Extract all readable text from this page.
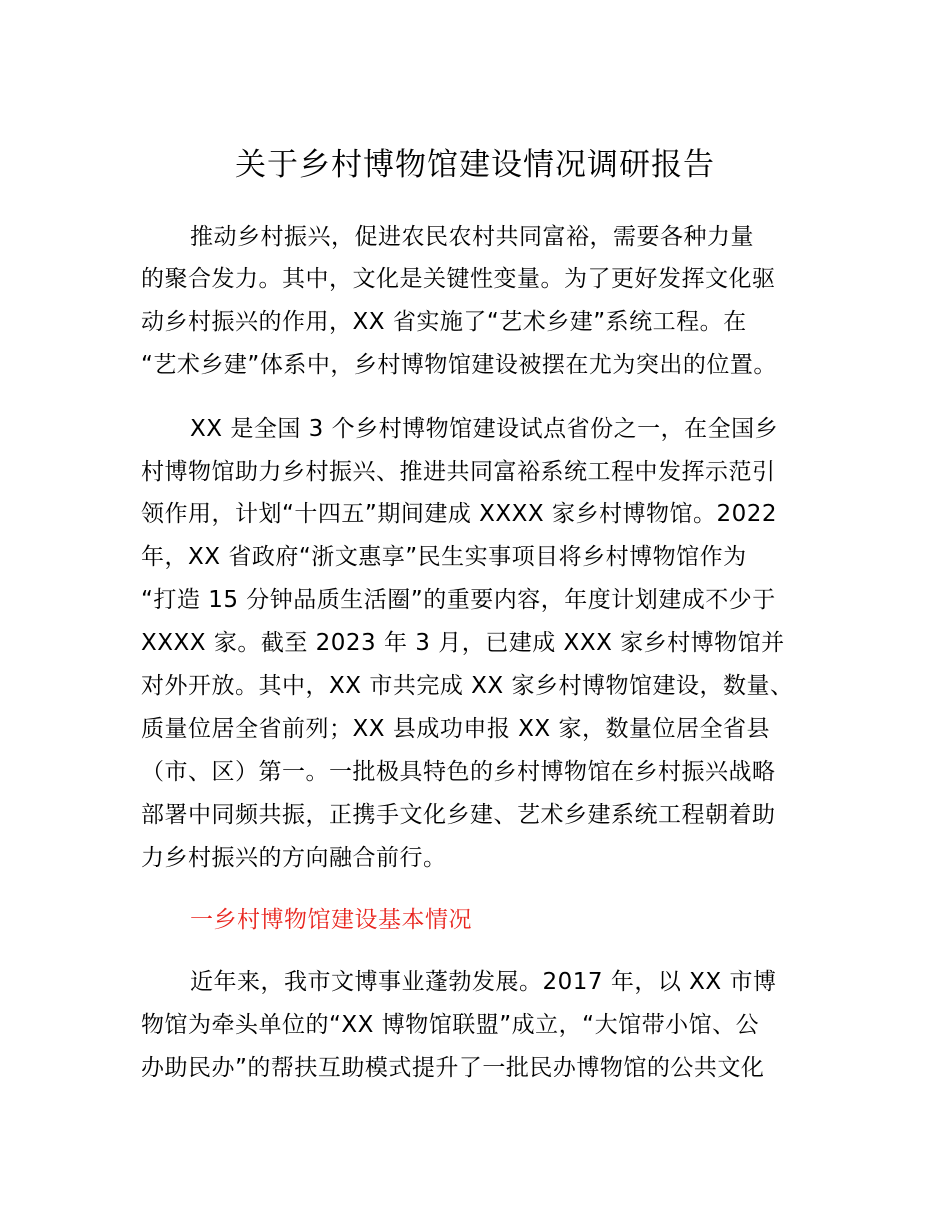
关于乡村博物馆建设情况调研报告
推动乡村振兴，促进农民农村共同富裕，需要各种力量
的聚合发力。其中，文化是关键性变量。为了更好发挥文化驱
动乡村振兴的作用，XX 省实施了“艺术乡建”系统工程。在
“艺术乡建”体系中，乡村博物馆建设被摆在尤为突出的位置。
XX 是全国 3 个乡村博物馆建设试点省份之一，在全国乡
村博物馆助力乡村振兴、推进共同富裕系统工程中发挥示范引
领作用，计划“十四五”期间建成 XXXX 家乡村博物馆。2022
年，XX 省政府“浙文惠享”民生实事项目将乡村博物馆作为
“打造 15 分钟品质生活圈”的重要内容，年度计划建成不少于
XXXX 家。截至 2023 年 3 月，已建成 XXX 家乡村博物馆并
对外开放。其中，XX 市共完成 XX 家乡村博物馆建设，数量、
质量位居全省前列；XX 县成功申报 XX 家，数量位居全省县
（市、区）第一。一批极具特色的乡村博物馆在乡村振兴战略
部署中同频共振，正携手文化乡建、艺术乡建系统工程朝着助
力乡村振兴的方向融合前行。
一乡村博物馆建设基本情况
近年来，我市文博事业蓬勃发展。2017 年，以 XX 市博
物馆为牵头单位的“XX 博物馆联盟”成立，“大馆带小馆、公
办助民办”的帮扶互助模式提升了一批民办博物馆的公共文化
